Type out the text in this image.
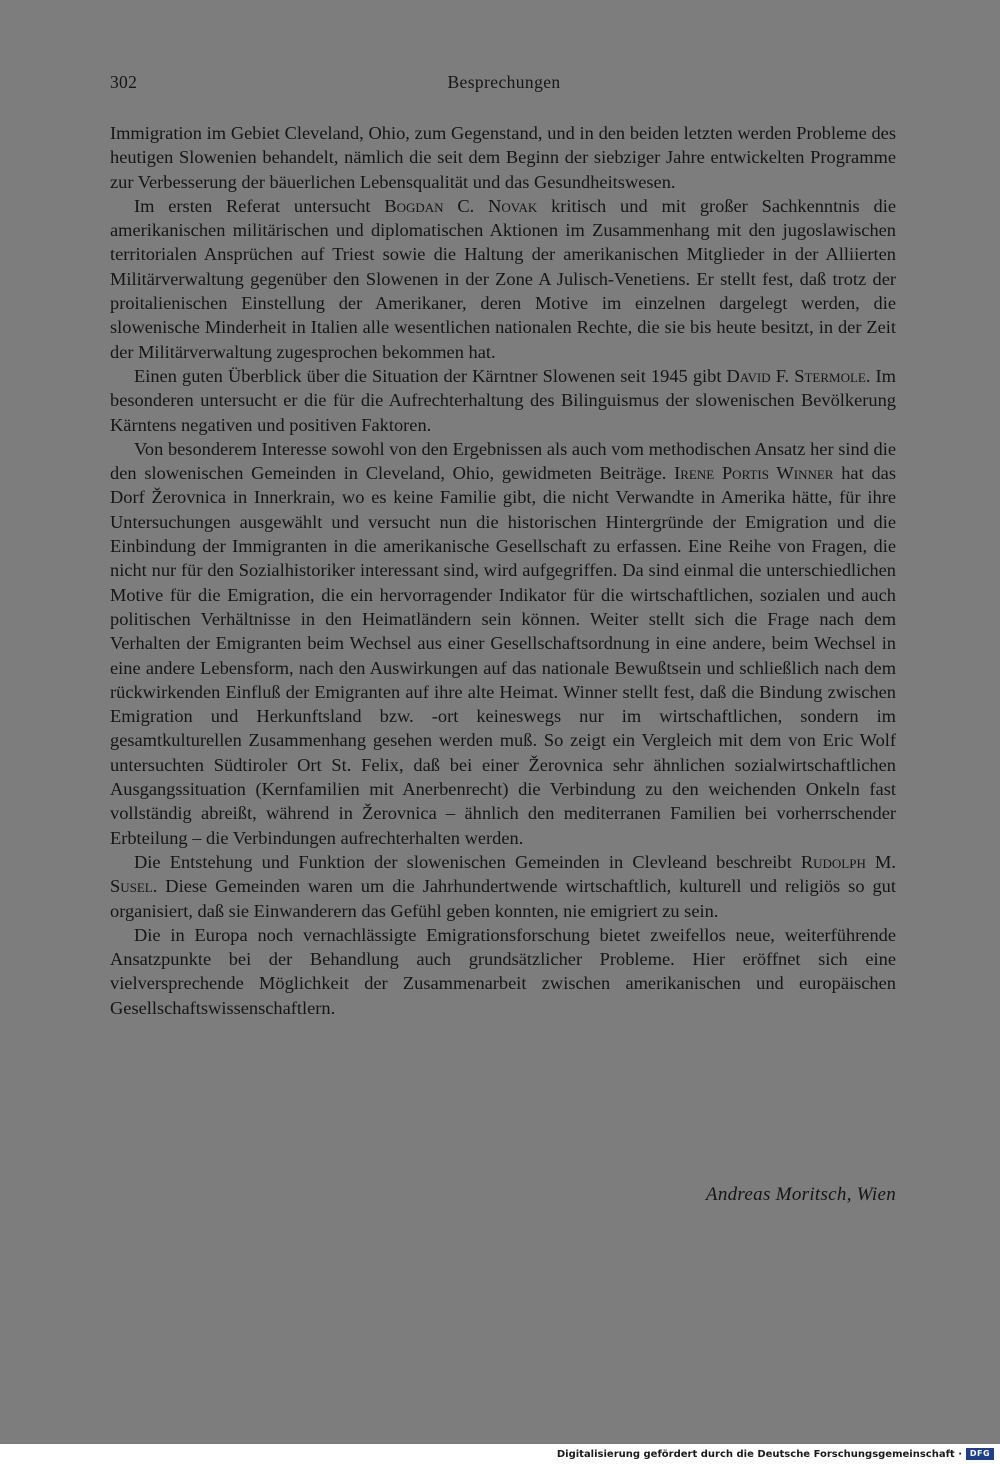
302	Besprechungen

Immigration im Gebiet Cleveland, Ohio, zum Gegenstand, und in den beiden letzten werden Probleme des heutigen Slowenien behandelt, nämlich die seit dem Beginn der siebziger Jahre entwickelten Programme zur Verbesserung der bäuerlichen Lebensqualität und das Gesundheitswesen.

Im ersten Referat untersucht Bogdan C. Novak kritisch und mit großer Sachkenntnis die amerikanischen militärischen und diplomatischen Aktionen im Zusammenhang mit den jugoslawischen territorialen Ansprüchen auf Triest sowie die Haltung der amerikanischen Mitglieder in der Alliierten Militärverwaltung gegenüber den Slowenen in der Zone A Julisch-Venetiens. Er stellt fest, daß trotz der proitalienischen Einstellung der Amerikaner, deren Motive im einzelnen dargelegt werden, die slowenische Minderheit in Italien alle wesentlichen nationalen Rechte, die sie bis heute besitzt, in der Zeit der Militärverwaltung zugesprochen bekommen hat.

Einen guten Überblick über die Situation der Kärntner Slowenen seit 1945 gibt David F. Stermole. Im besonderen untersucht er die für die Aufrechterhaltung des Bilinguismus der slowenischen Bevölkerung Kärntens negativen und positiven Faktoren.

Von besonderem Interesse sowohl von den Ergebnissen als auch vom methodischen Ansatz her sind die den slowenischen Gemeinden in Cleveland, Ohio, gewidmeten Beiträge. Irene Portis Winner hat das Dorf Žerovnica in Innerkrain, wo es keine Familie gibt, die nicht Verwandte in Amerika hätte, für ihre Untersuchungen ausgewählt und versucht nun die historischen Hintergründe der Emigration und die Einbindung der Immigranten in die amerikanische Gesellschaft zu erfassen. Eine Reihe von Fragen, die nicht nur für den Sozialhistoriker interessant sind, wird aufgegriffen. Da sind einmal die unterschiedlichen Motive für die Emigration, die ein hervorragender Indikator für die wirtschaftlichen, sozialen und auch politischen Verhältnisse in den Heimatländern sein können. Weiter stellt sich die Frage nach dem Verhalten der Emigranten beim Wechsel aus einer Gesellschaftsordnung in eine andere, beim Wechsel in eine andere Lebensform, nach den Auswirkungen auf das nationale Bewußtsein und schließlich nach dem rückwirkenden Einfluß der Emigranten auf ihre alte Heimat. Winner stellt fest, daß die Bindung zwischen Emigration und Herkunftsland bzw. -ort keineswegs nur im wirtschaftlichen, sondern im gesamtkulturellen Zusammenhang gesehen werden muß. So zeigt ein Vergleich mit dem von Eric Wolf untersuchten Südtiroler Ort St. Felix, daß bei einer Žerovnica sehr ähnlichen sozialwirtschaftlichen Ausgangssituation (Kernfamilien mit Anerbenrecht) die Verbindung zu den weichenden Onkeln fast vollständig abreißt, während in Žerovnica – ähnlich den mediterranen Familien bei vorherrschender Erbteilung – die Verbindungen aufrechterhalten werden.

Die Entstehung und Funktion der slowenischen Gemeinden in Clevleand beschreibt Rudolph M. Susel. Diese Gemeinden waren um die Jahrhundertwende wirtschaftlich, kulturell und religiös so gut organisiert, daß sie Einwanderern das Gefühl geben konnten, nie emigriert zu sein.

Die in Europa noch vernachlässigte Emigrationsforschung bietet zweifellos neue, weiterführende Ansatzpunkte bei der Behandlung auch grundsätzlicher Probleme. Hier eröffnet sich eine vielversprechende Möglichkeit der Zusammenarbeit zwischen amerikanischen und europäischen Gesellschaftswissenschaftlern.

Andreas Moritsch, Wien
Digitalisierung gefördert durch die Deutsche Forschungsgemeinschaft · DFG
